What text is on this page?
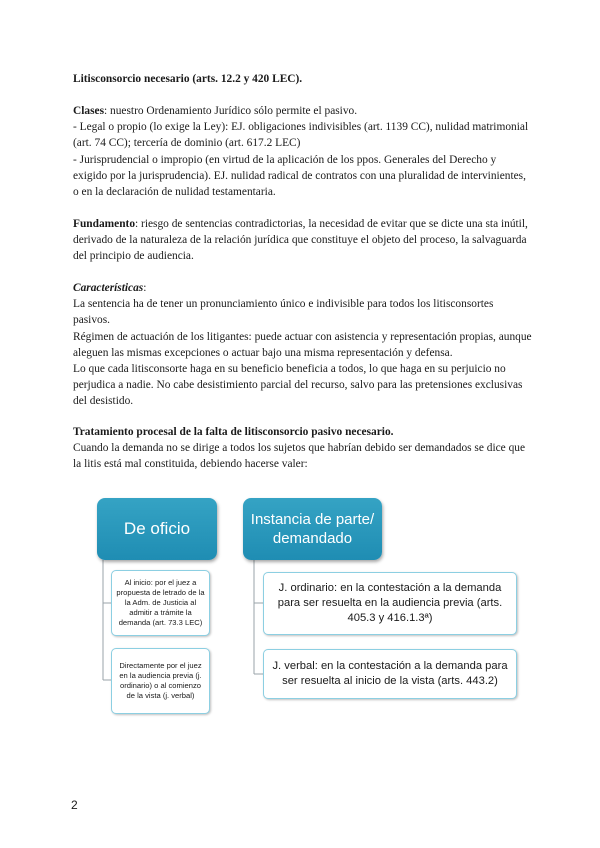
Litisconsorcio necesario (arts. 12.2 y 420 LEC).

Clases: nuestro Ordenamiento Jurídico sólo permite el pasivo.

- Legal o propio (lo exige la Ley): EJ. obligaciones indivisibles (art. 1139 CC), nulidad matrimonial (art. 74 CC); tercería de dominio (art. 617.2 LEC)

- Jurisprudencial o impropio (en virtud de la aplicación de los ppos. Generales del Derecho y exigido por la jurisprudencia). EJ. nulidad radical de contratos con una pluralidad de intervinientes, o en la declaración de nulidad testamentaria.

Fundamento: riesgo de sentencias contradictorias, la necesidad de evitar que se dicte una sta inútil, derivado de la naturaleza de la relación jurídica que constituye el objeto del proceso, la salvaguarda del principio de audiencia.

Características:

La sentencia ha de tener un pronunciamiento único e indivisible para todos los litisconsortes pasivos.

Régimen de actuación de los litigantes: puede actuar con asistencia y representación propias, aunque aleguen las mismas excepciones o actuar bajo una misma representación y defensa.

Lo que cada litisconsorte haga en su beneficio beneficia a todos, lo que haga en su perjuicio no perjudica a nadie. No cabe desistimiento parcial del recurso, salvo para las pretensiones exclusivas del desistido.

Tratamiento procesal de la falta de litisconsorcio pasivo necesario.

Cuando la demanda no se dirige a todos los sujetos que habrían debido ser demandados se dice que la litis está mal constituida, debiendo hacerse valer:

De oficio	Instancia de parte/ demandado
Al inicio: por el juez a propuesta de letrado de la la Adm. de Justicia al admitir a trámite la demanda (art. 73.3 LEC)
Directamente por el juez en la audiencia previa (j. ordinario) o al comienzo de la vista (j. verbal)
J. ordinario: en la contestación a la demanda para ser resuelta en la audiencia previa (arts. 405.3 y 416.1.3ª)
J. verbal: en la contestación a la demanda para ser resuelta al inicio de la vista (arts. 443.2)
2
